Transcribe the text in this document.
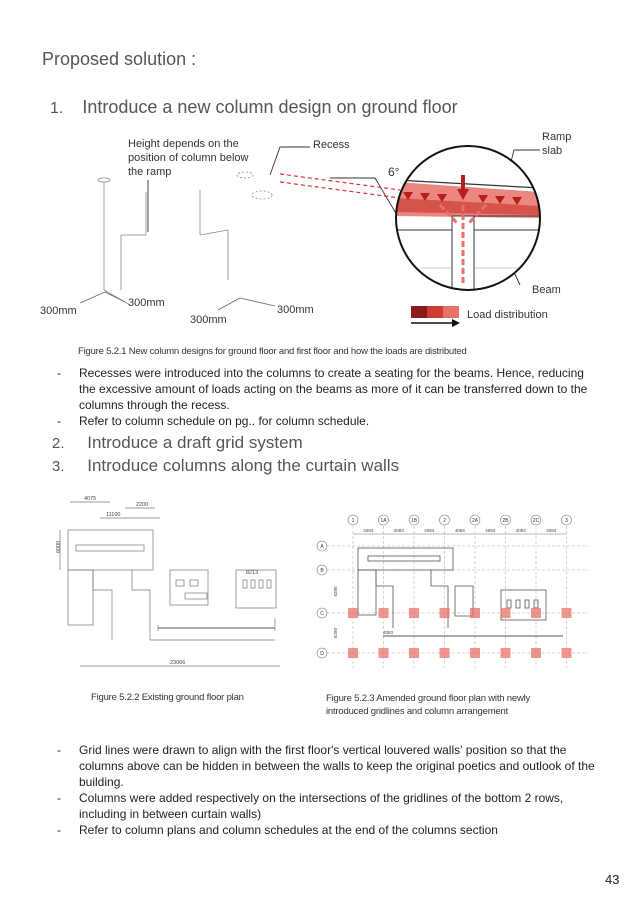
Proposed solution :
1. Introduce a new column design on ground floor
Height depends on the position of column below the ramp
Recess
Ramp
slab
6°
Beam
300mm
300mm
300mm
300mm	Load distribution
Figure 5.2.1 New column designs for ground floor and first floor and how the loads are distributed
- Recesses were introduced into the columns to create a seating for the beams. Hence, reducing the excessive amount of loads acting on the beams as more of it can be transferred down to the columns through the recess.
- Refer to column schedule on pg.. for column schedule.
2. Introduce a draft grid system
3. Introduce columns along the curtain walls
4075
2200
11100
6000
8213
23066
1	1A	1B	2	2A	2B	2C	3
4083	4083	4083	4083	4083	4083	4083
A
B
C
D
6280
6280	4083
Figure 5.2.2 Existing ground floor plan	Figure 5.2.3 Amended ground floor plan with newly
introduced gridlines and column arrangement
- Grid lines were drawn to align with the first floor's vertical louvered walls' position so that the columns above can be hidden in between the walls to keep the original poetics and outlook of the building.
- Columns were added respectively on the intersections of the gridlines of the bottom 2 rows, including in between curtain walls)
- Refer to column plans and column schedules at the end of the columns section
43
